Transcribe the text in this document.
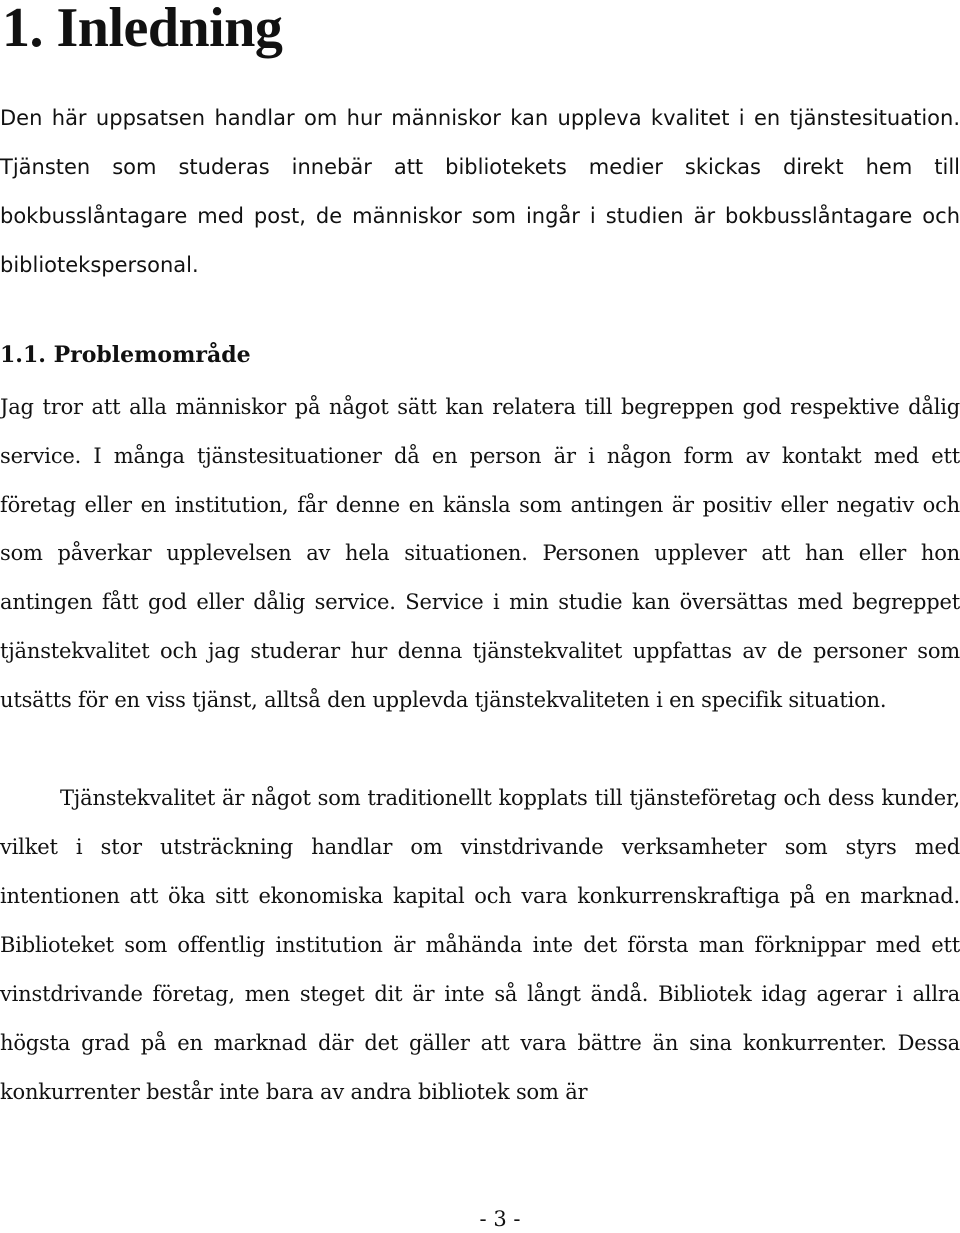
1. Inledning

Den här uppsatsen handlar om hur människor kan uppleva kvalitet i en tjänstesituation. Tjänsten som studeras innebär att bibliotekets medier skickas direkt hem till bokbusslåntagare med post, de människor som ingår i studien är bokbusslåntagare och bibliotekspersonal.

1.1. Problemområde

Jag tror att alla människor på något sätt kan relatera till begreppen god respektive dålig service. I många tjänstesituationer då en person är i någon form av kontakt med ett företag eller en institution, får denne en känsla som antingen är positiv eller negativ och som påverkar upplevelsen av hela situationen. Personen upplever att han eller hon antingen fått god eller dålig service. Service i min studie kan översättas med begreppet tjänstekvalitet och jag studerar hur denna tjänstekvalitet uppfattas av de personer som utsätts för en viss tjänst, alltså den upplevda tjänstekvaliteten i en specifik situation.

Tjänstekvalitet är något som traditionellt kopplats till tjänsteföretag och dess kunder, vilket i stor utsträckning handlar om vinstdrivande verksamheter som styrs med intentionen att öka sitt ekonomiska kapital och vara konkurrenskraftiga på en marknad. Biblioteket som offentlig institution är måhända inte det första man förknippar med ett vinstdrivande företag, men steget dit är inte så långt ändå. Bibliotek idag agerar i allra högsta grad på en marknad där det gäller att vara bättre än sina konkurrenter. Dessa konkurrenter består inte bara av andra bibliotek som är

- 3 -
